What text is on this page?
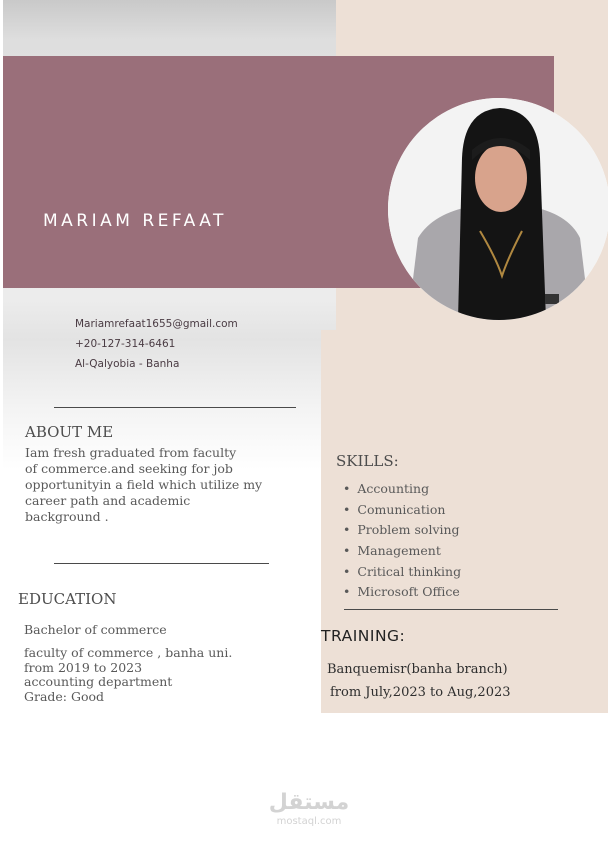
MARIAM REFAAT
Mariamrefaat1655@gmail.com
+20-127-314-6461
Al-Qalyobia - Banha
ABOUT ME
Iam fresh graduated from faculty
of commerce.and seeking for job
opportunityin a field which utilize my
career path and academic
background .
EDUCATION
Bachelor of commerce
faculty of commerce , banha uni.
from 2019 to 2023
accounting department
Grade: Good
SKILLS:
• Accounting
• Comunication
• Problem solving
• Management
• Critical thinking
• Microsoft Office
TRAINING:
Banquemisr(banha branch)
from July,2023 to Aug,2023
مستقل
mostaql.com
